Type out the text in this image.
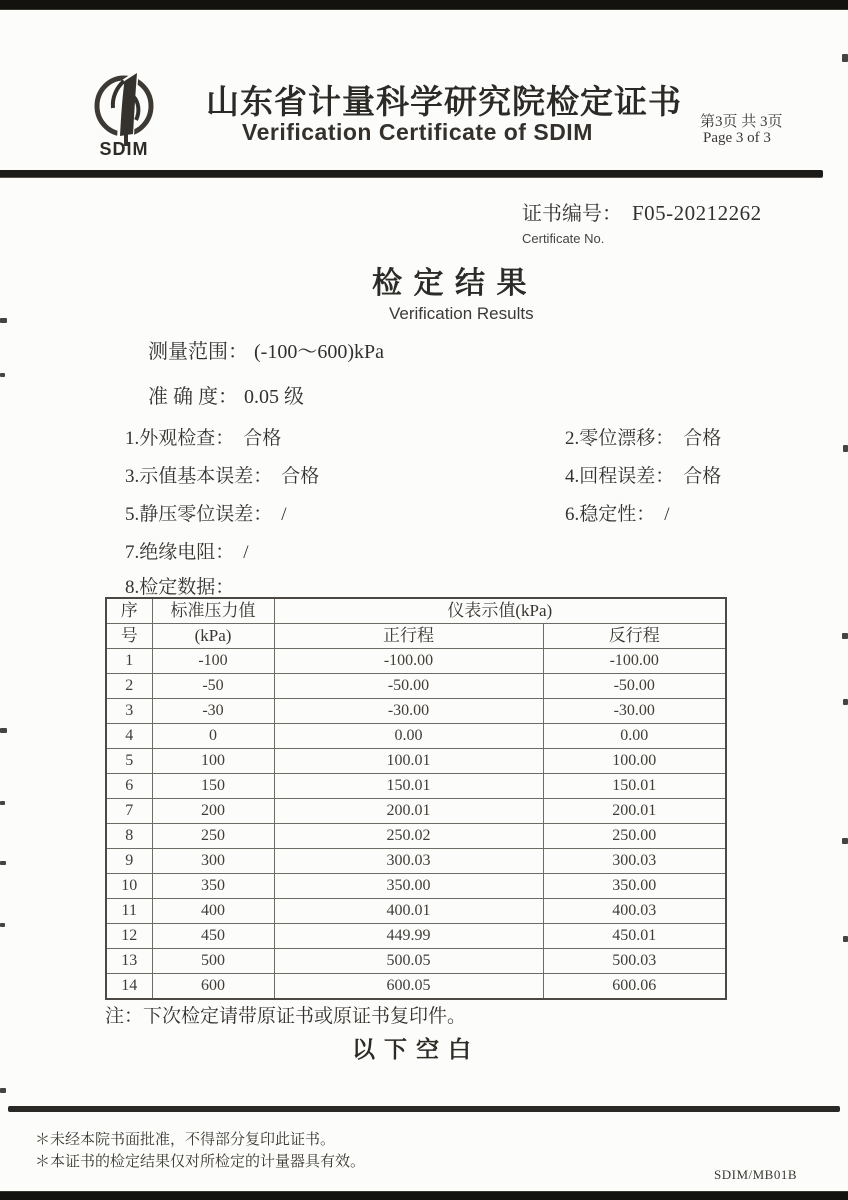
SDIM
山东省计量科学研究院检定证书
Verification Certificate of SDIM	第3页 共 3页
Page 3 of 3
证书编号： F05-20212262
Certificate No.
检 定 结 果
Verification Results
测量范围： (-100～600)kPa
准 确 度： 0.05 级
1.外观检查： 合格	2.零位漂移： 合格
3.示值基本误差： 合格	4.回程误差： 合格
5.静压零位误差： /	6.稳定性： /
7.绝缘电阻： /
8.检定数据：
序	标准压力值	仪表示值(kPa)	
号	(kPa)	正行程	反行程
1	-100	-100.00	-100.00
2	-50	-50.00	-50.00
3	-30	-30.00	-30.00
4	0	0.00	0.00
5	100	100.01	100.00
6	150	150.01	150.01
7	200	200.01	200.01
8	250	250.02	250.00
9	300	300.03	300.03
10	350	350.00	350.00
11	400	400.01	400.03
12	450	449.99	450.01
13	500	500.05	500.03
14	600	600.05	600.06
注：下次检定请带原证书或原证书复印件。
以下空白
＊未经本院书面批准，不得部分复印此证书。
＊本证书的检定结果仅对所检定的计量器具有效。
SDIM/MB01B
